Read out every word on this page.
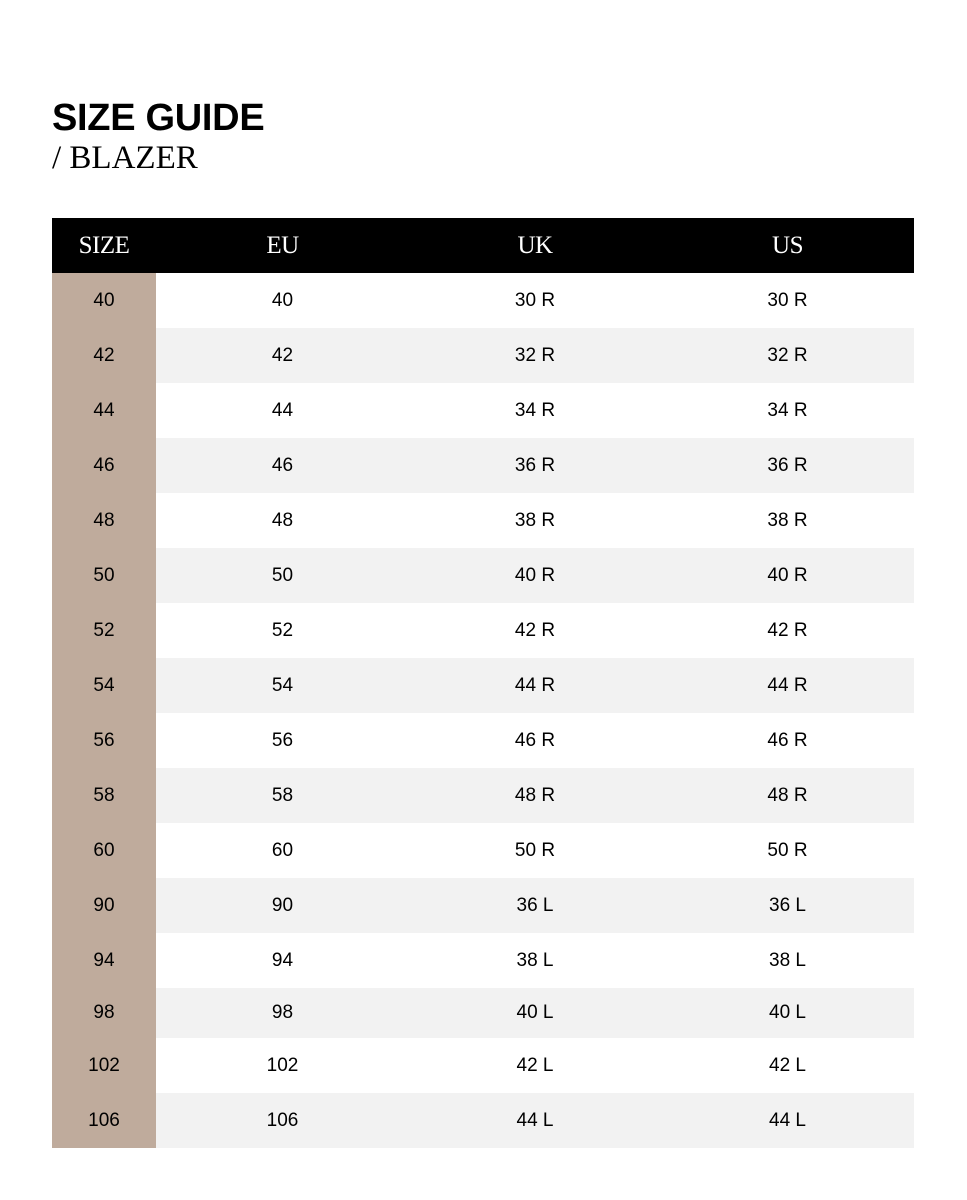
SIZE GUIDE
/ BLAZER
SIZE	EU	UK	US
40	40	30 R	30 R
42	42	32 R	32 R
44	44	34 R	34 R
46	46	36 R	36 R
48	48	38 R	38 R
50	50	40 R	40 R
52	52	42 R	42 R
54	54	44 R	44 R
56	56	46 R	46 R
58	58	48 R	48 R
60	60	50 R	50 R
90	90	36 L	36 L
94	94	38 L	38 L
98	98	40 L	40 L
102	102	42 L	42 L
106	106	44 L	44 L
